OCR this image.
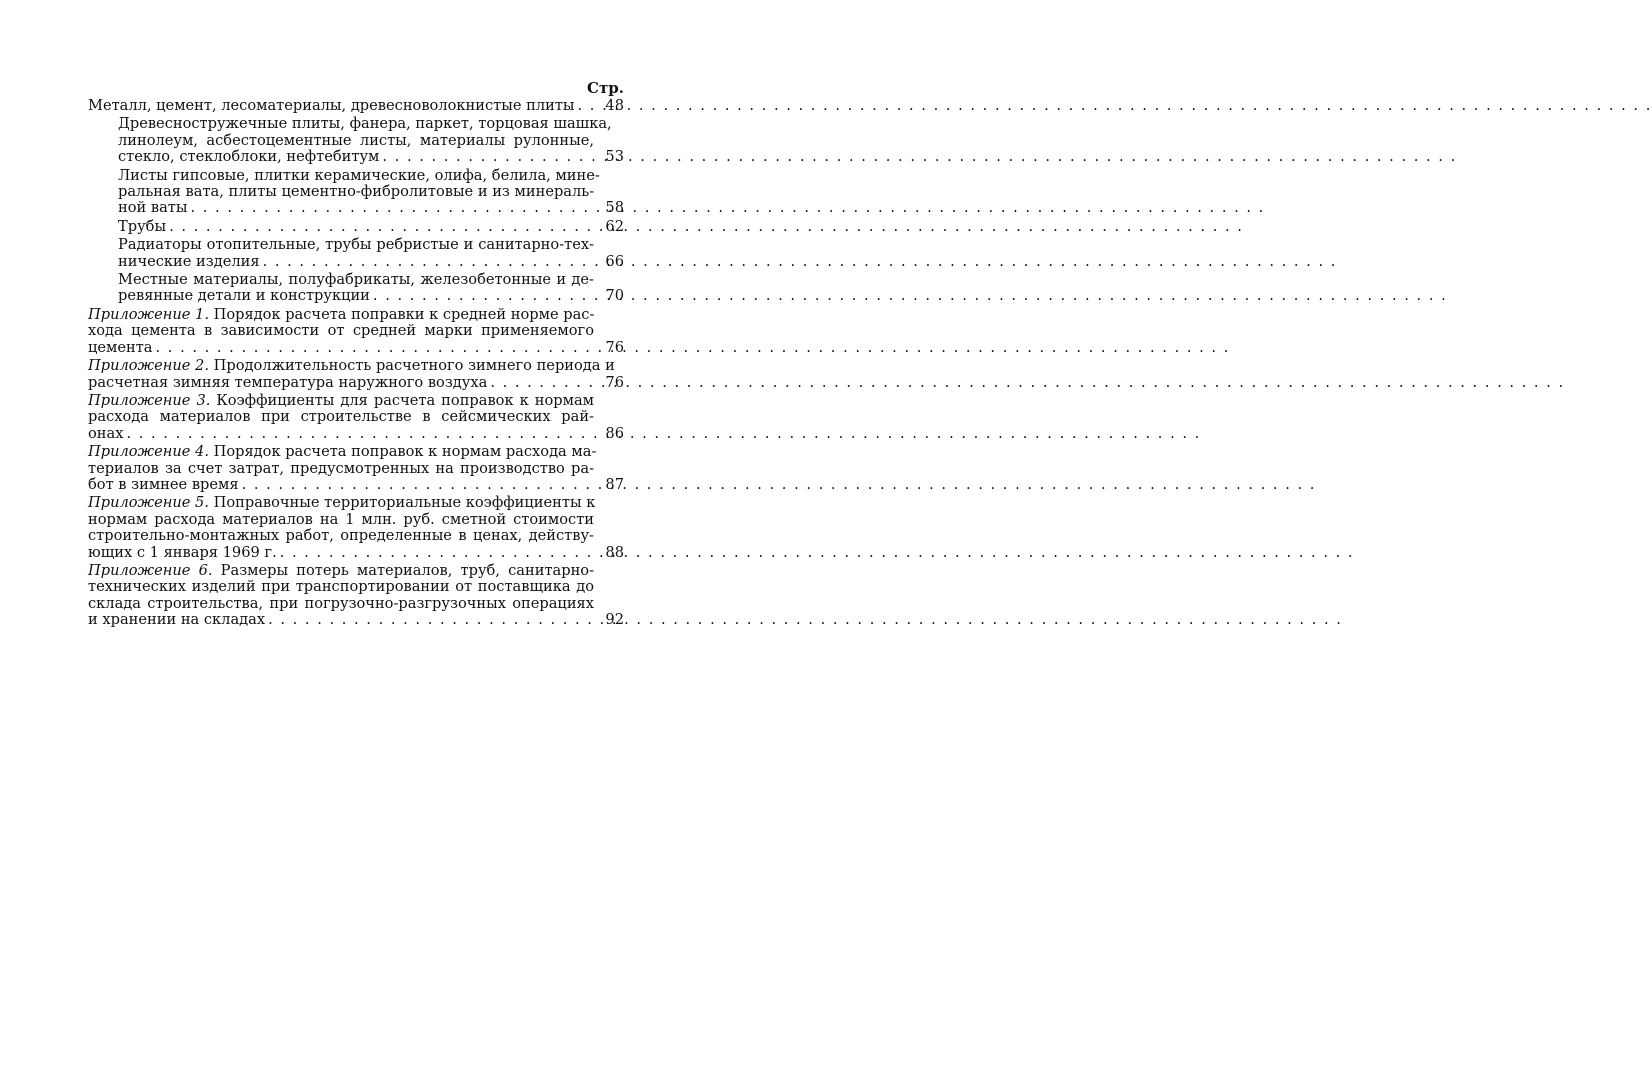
Стр.
Металл, цемент, лесоматериалы, древесноволокнистые плиты . . .	48
Древесностружечные плиты, фанера, паркет, торцовая шашка,
линолеум, асбестоцементные листы, материалы рулонные,
стекло, стеклоблоки, нефтебитум . . .	53
Листы гипсовые, плитки керамические, олифа, белила, мине-
ральная вата, плиты цементно-фибролитовые и из минераль-
ной ваты . . .	58
Трубы . . .	62
Радиаторы отопительные, трубы ребристые и санитарно-тех-
нические изделия . . .	66
Местные материалы, полуфабрикаты, железобетонные и де-
ревянные детали и конструкции . . .	70
Приложение 1. Порядок расчета поправки к средней норме рас-
хода цемента в зависимости от средней марки применяемого
цемента . . .	76
Приложение 2. Продолжительность расчетного зимнего периода и
расчетная зимняя температура наружного воздуха . . .	76
Приложение 3. Коэффициенты для расчета поправок к нормам
расхода материалов при строительстве в сейсмических рай-
онах . . .	86
Приложение 4. Порядок расчета поправок к нормам расхода ма-
териалов за счет затрат, предусмотренных на производство ра-
бот в зимнее время . . .	87
Приложение 5. Поправочные территориальные коэффициенты к
нормам расхода материалов на 1 млн. руб. сметной стоимости
строительно-монтажных работ, определенные в ценах, действу-
ющих с 1 января 1969 г. . . .	88
Приложение 6. Размеры потерь материалов, труб, санитарно-
технических изделий при транспортировании от поставщика до
склада строительства, при погрузочно-разгрузочных операциях
и хранении на складах . . .	92
